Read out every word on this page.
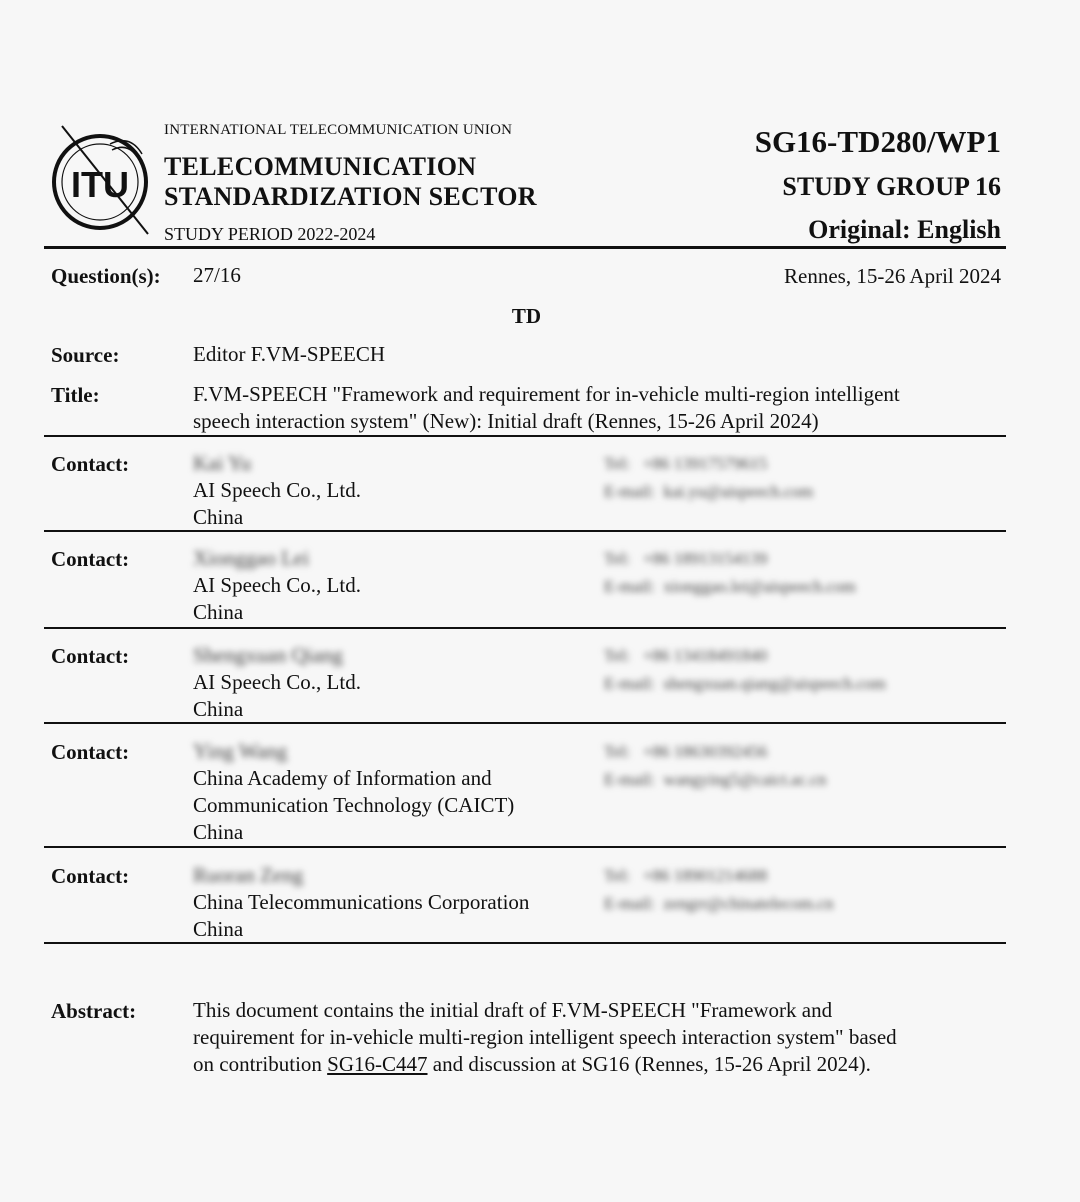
ITU
INTERNATIONAL TELECOMMUNICATION UNION
TELECOMMUNICATION
STANDARDIZATION SECTOR
STUDY PERIOD 2022-2024
SG16-TD280/WP1
STUDY GROUP 16
Original: English
Question(s): 27/16	Rennes, 15-26 April 2024
TD
Source:	Editor F.VM-SPEECH
Title:	F.VM-SPEECH "Framework and requirement for in-vehicle multi-region intelligent
speech interaction system" (New): Initial draft (Rennes, 15-26 April 2024)
Contact:	Kai Yu
AI Speech Co., Ltd.
China
Tel: +86 13917579615
E-mail: kai.yu@aispeech.com
Contact:	Xionggao Lei
AI Speech Co., Ltd.
China
Tel: +86 18913154139
E-mail: xionggao.lei@aispeech.com
Contact:	Shengxuan Qiang
AI Speech Co., Ltd.
China
Tel: +86 13418491840
E-mail: shengxuan.qiang@aispeech.com
Contact:	Ying Wang
China Academy of Information and
Communication Technology (CAICT)
China
Tel: +86 18630392456
E-mail: wangying5@caict.ac.cn
Contact:	Ruoran Zeng
China Telecommunications Corporation
China
Tel: +86 18901214688
E-mail: zengrr@chinatelecom.cn
Abstract:	This document contains the initial draft of F.VM-SPEECH "Framework and
requirement for in-vehicle multi-region intelligent speech interaction system" based
on contribution SG16-C447 and discussion at SG16 (Rennes, 15-26 April 2024).
